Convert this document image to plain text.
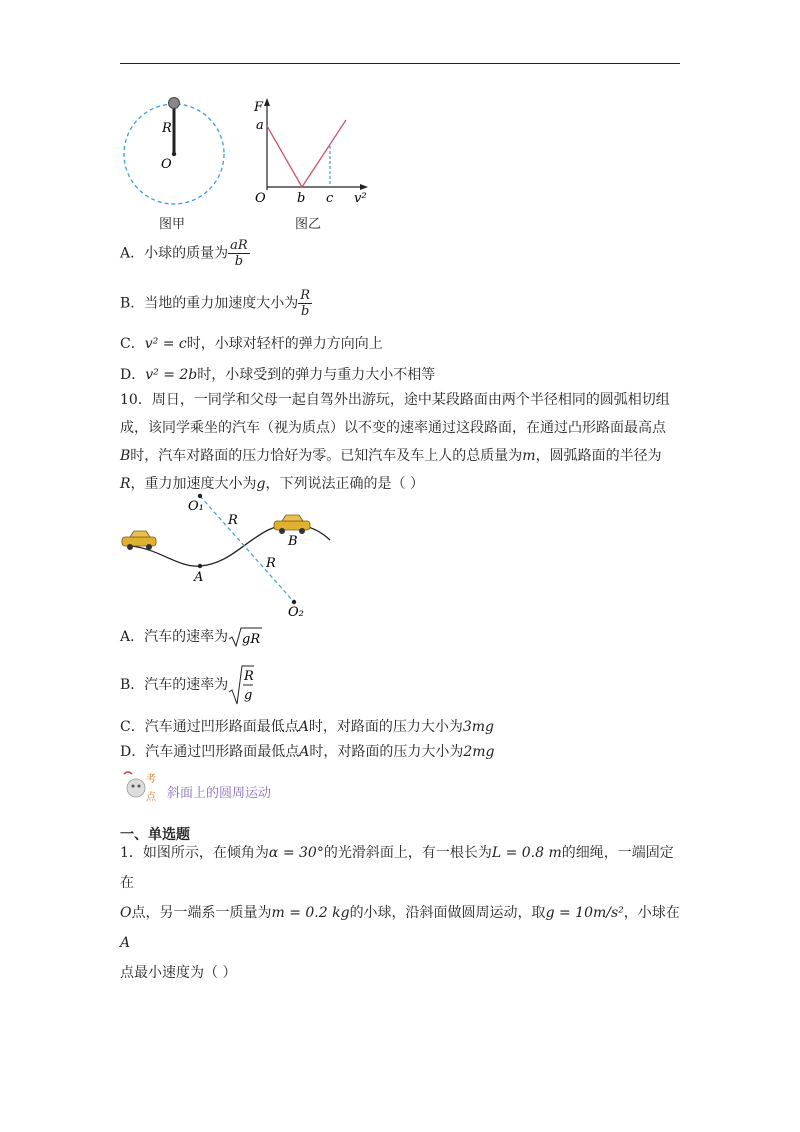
R
O
图甲
F
a
O b c v²
图乙
A．小球的质量为 $\frac{aR}{b}$
B．当地的重力加速度大小为 $\frac{R}{b}$
C．v² = c时，小球对轻杆的弹力方向向上
D．v² = 2b时，小球受到的弹力与重力大小不相等
10．周日，一同学和父母一起自驾外出游玩，途中某段路面由两个半径相同的圆弧相切组
成，该同学乘坐的汽车（视为质点）以不变的速率通过这段路面，在通过凸形路面最高点
B时，汽车对路面的压力恰好为零。已知汽车及车上人的总质量为m，圆弧路面的半径为
R，重力加速度大小为g，下列说法正确的是（ ）
O₁
R
R
A
B
O₂
A．汽车的速率为 gR
B．汽车的速率为
R
g
C．汽车通过凹形路面最低点A时，对路面的压力大小为3mg
D．汽车通过凹形路面最低点A时，对路面的压力大小为2mg
考
点 斜面上的圆周运动
一、单选题
1．如图所示，在倾角为α = 30°的光滑斜面上，有一根长为L = 0.8 m的细绳，一端固定在
O点，另一端系一质量为m = 0.2 kg的小球，沿斜面做圆周运动，取g = 10m/s²，小球在A
点最小速度为（ ）
